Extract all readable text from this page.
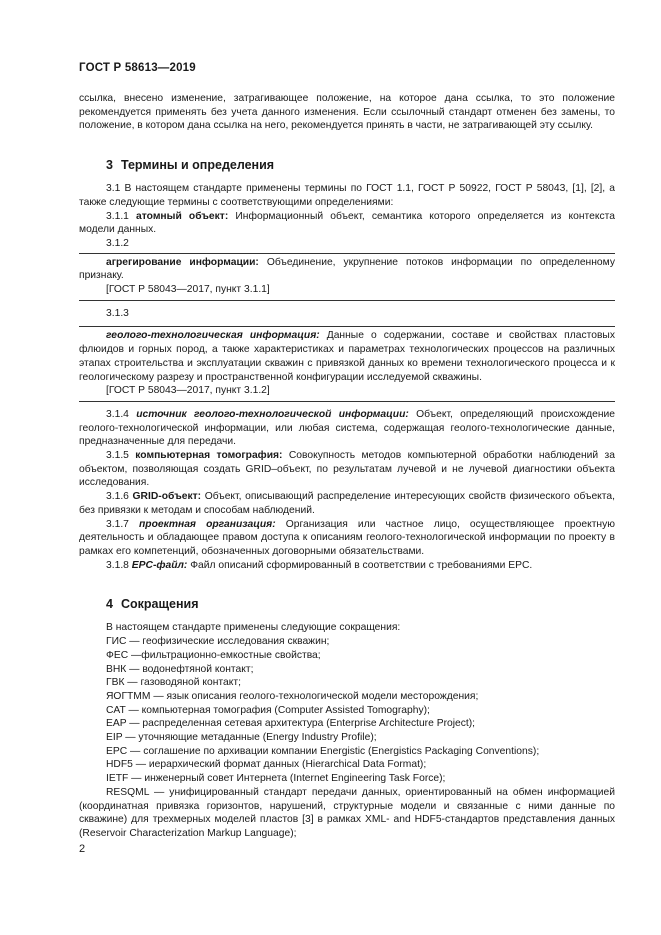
ГОСТ Р 58613—2019

ссылка, внесено изменение, затрагивающее положение, на которое дана ссылка, то это положение рекомендуется применять без учета данного изменения. Если ссылочный стандарт отменен без замены, то положение, в котором дана ссылка на него, рекомендуется принять в части, не затрагивающей эту ссылку.

3 Термины и определения

3.1 В настоящем стандарте применены термины по ГОСТ 1.1, ГОСТ Р 50922, ГОСТ Р 58043, [1], [2], а также следующие термины с соответствующими определениями:

3.1.1 атомный объект: Информационный объект, семантика которого определяется из контекста модели данных.

3.1.2

агрегирование информации: Объединение, укрупнение потоков информации по определенному признаку.

[ГОСТ Р 58043—2017, пункт 3.1.1]

3.1.3

геолого-технологическая информация: Данные о содержании, составе и свойствах пластовых флюидов и горных пород, а также характеристиках и параметрах технологических процессов на различных этапах строительства и эксплуатации скважин с привязкой данных ко времени технологического процесса и к геологическому разрезу и пространственной конфигурации исследуемой скважины.

[ГОСТ Р 58043—2017, пункт 3.1.2]

3.1.4 источник геолого-технологической информации: Объект, определяющий происхождение геолого-технологической информации, или любая система, содержащая геолого-технологические данные, предназначенные для передачи.

3.1.5 компьютерная томография: Совокупность методов компьютерной обработки наблюдений за объектом, позволяющая создать GRID–объект, по результатам лучевой и не лучевой диагностики объекта исследования.

3.1.6 GRID-объект: Объект, описывающий распределение интересующих свойств физического объекта, без привязки к методам и способам наблюдений.

3.1.7 проектная организация: Организация или частное лицо, осуществляющее проектную деятельность и обладающее правом доступа к описаниям геолого-технологической информации по проекту в рамках его компетенций, обозначенных договорными обязательствами.

3.1.8 EPC-файл: Файл описаний сформированный в соответствии с требованиями EPC.

4 Сокращения

В настоящем стандарте применены следующие сокращения:

ГИС — геофизические исследования скважин;

ФЕС —фильтрационно-емкостные свойства;

ВНК — водонефтяной контакт;

ГВК — газоводяной контакт;

ЯОГТММ — язык описания геолого-технологической модели месторождения;

CAT — компьютерная томография (Computer Assisted Tomography);

EAP — распределенная сетевая архитектура (Enterprise Architecture Project);

EIP — уточняющие метаданные (Energy Industry Profile);

EPC — соглашение по архивации компании Energistic (Energistics Packaging Conventions);

HDF5 — иерархический формат данных (Hierarchical Data Format);

IETF — инженерный совет Интернета (Internet Engineering Task Force);

RESQML — унифицированный стандарт передачи данных, ориентированный на обмен информацией (координатная привязка горизонтов, нарушений, структурные модели и связанные с ними данные по скважине) для трехмерных моделей пластов [3] в рамках XML- and HDF5-стандартов представления данных (Reservoir Characterization Markup Language);

2
